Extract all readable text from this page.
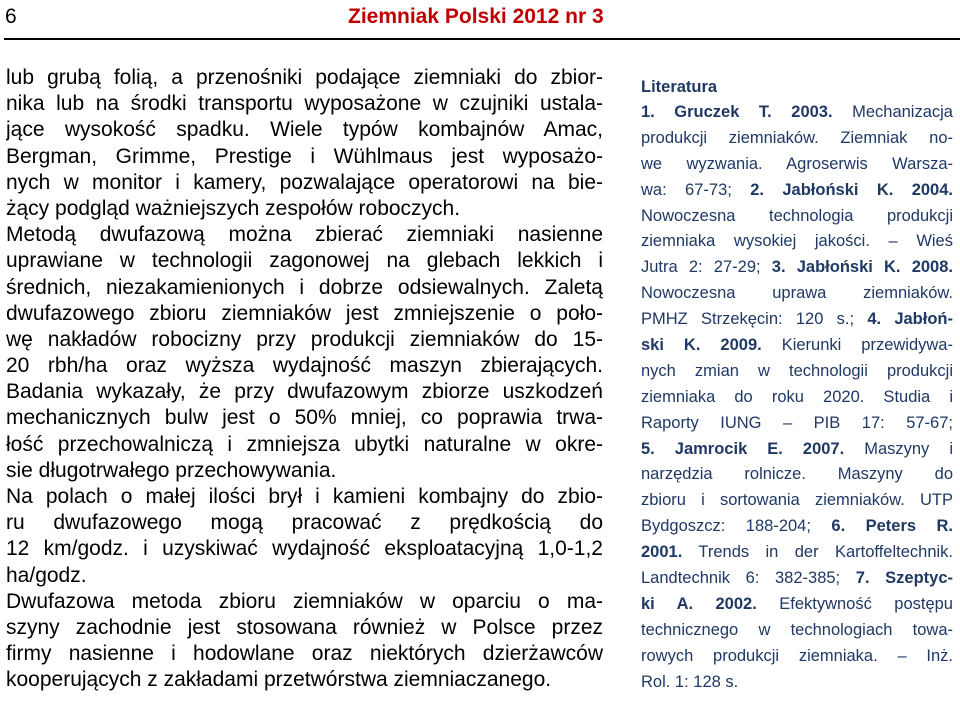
6	Ziemniak Polski 2012 nr 3
lub grubą folią, a przenośniki podające ziemniaki do zbior-
nika lub na środki transportu wyposażone w czujniki ustala-
jące wysokość spadku. Wiele typów kombajnów Amac,
Bergman, Grimme, Prestige i Wühlmaus jest wyposażo-
nych w monitor i kamery, pozwalające operatorowi na bie-
żący podgląd ważniejszych zespołów roboczych.
Metodą dwufazową można zbierać ziemniaki nasienne
uprawiane w technologii zagonowej na glebach lekkich i
średnich, niezakamienionych i dobrze odsiewalnych. Zaletą
dwufazowego zbioru ziemniaków jest zmniejszenie o poło-
wę nakładów robocizny przy produkcji ziemniaków do 15-
20 rbh/ha oraz wyższa wydajność maszyn zbierających.
Badania wykazały, że przy dwufazowym zbiorze uszkodzeń
mechanicznych bulw jest o 50% mniej, co poprawia trwa-
łość przechowalniczą i zmniejsza ubytki naturalne w okre-
sie długotrwałego przechowywania.
Na polach o małej ilości brył i kamieni kombajny do zbio-
ru dwufazowego mogą pracować z prędkością do
12 km/godz. i uzyskiwać wydajność eksploatacyjną 1,0-1,2
ha/godz.
Dwufazowa metoda zbioru ziemniaków w oparciu o ma-
szyny zachodnie jest stosowana również w Polsce przez
firmy nasienne i hodowlane oraz niektórych dzierżawców
kooperujących z zakładami przetwórstwa ziemniaczanego.
Literatura
1. Gruczek T. 2003. Mechanizacja
produkcji ziemniaków. Ziemniak no-
we wyzwania. Agroserwis Warsza-
wa: 67-73; 2. Jabłoński K. 2004.
Nowoczesna technologia produkcji
ziemniaka wysokiej jakości. – Wieś
Jutra 2: 27-29; 3. Jabłoński K. 2008.
Nowoczesna uprawa ziemniaków.
PMHZ Strzekęcin: 120 s.; 4. Jabłoń-
ski K. 2009. Kierunki przewidywa-
nych zmian w technologii produkcji
ziemniaka do roku 2020. Studia i
Raporty IUNG – PIB 17: 57-67;
5. Jamrocik E. 2007. Maszyny i
narzędzia rolnicze. Maszyny do
zbioru i sortowania ziemniaków. UTP
Bydgoszcz: 188-204; 6. Peters R.
2001. Trends in der Kartoffeltechnik.
Landtechnik 6: 382-385; 7. Szeptyc-
ki A. 2002. Efektywność postępu
technicznego w technologiach towa-
rowych produkcji ziemniaka. – Inż.
Rol. 1: 128 s.
